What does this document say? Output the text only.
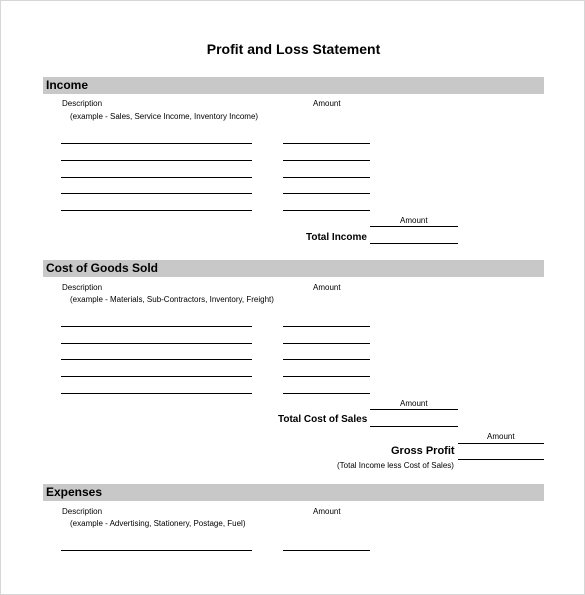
Profit and Loss Statement
Income
Description
(example - Sales, Service Income, Inventory Income)
Amount
Amount
Total Income
Cost of Goods Sold
Description
(example - Materials, Sub-Contractors, Inventory, Freight)
Amount
Amount
Total Cost of Sales
Amount
Gross Profit
(Total Income less Cost of Sales)
Expenses
Description
(example - Advertising, Stationery, Postage, Fuel)
Amount
